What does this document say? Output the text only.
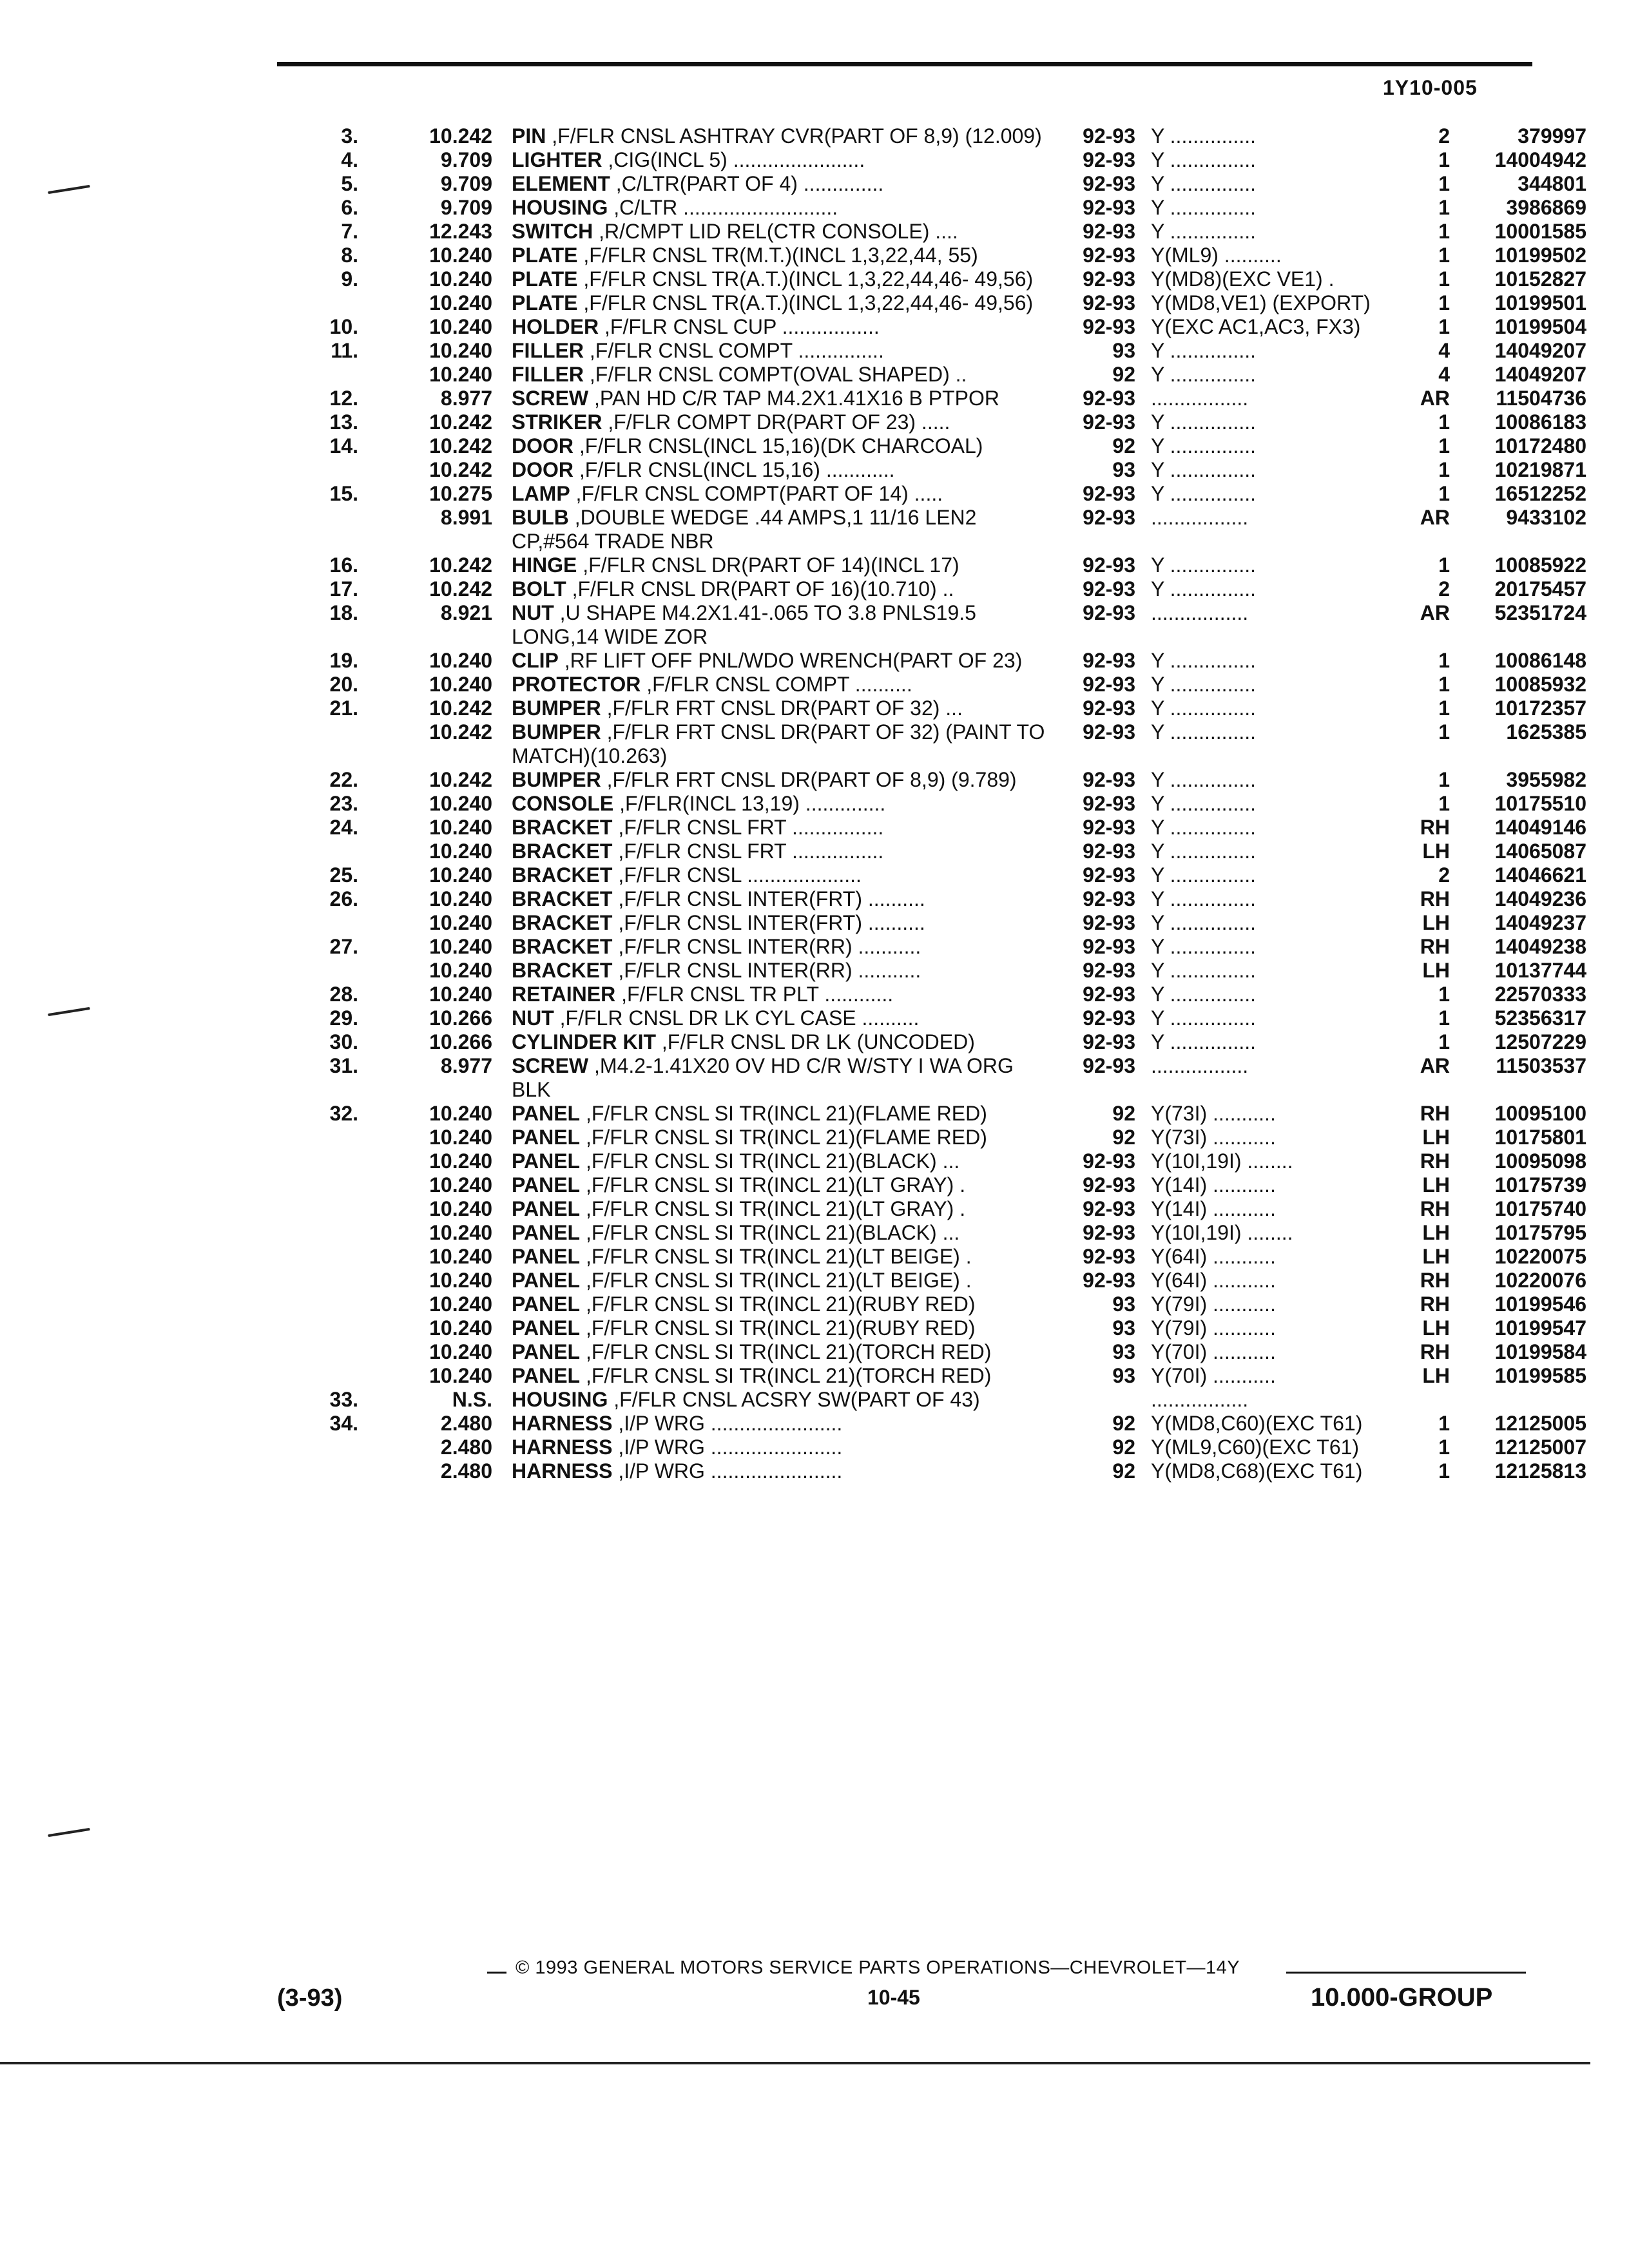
1Y10-005
3.	10.242	PIN ,F/FLR CNSL ASHTRAY CVR(PART OF 8,9) (12.009)	92-93	Y ...............	2	379997
4.	9.709	LIGHTER ,CIG(INCL 5) .......................	92-93	Y ...............	1	14004942
5.	9.709	ELEMENT ,C/LTR(PART OF 4) ..............	92-93	Y ...............	1	344801
6.	9.709	HOUSING ,C/LTR ...........................	92-93	Y ...............	1	3986869
7.	12.243	SWITCH ,R/CMPT LID REL(CTR CONSOLE) ....	92-93	Y ...............	1	10001585
8.	10.240	PLATE ,F/FLR CNSL TR(M.T.)(INCL 1,3,22,44, 55)	92-93	Y(ML9) ..........	1	10199502
9.	10.240	PLATE ,F/FLR CNSL TR(A.T.)(INCL 1,3,22,44,46- 49,56)	92-93	Y(MD8)(EXC VE1) .	1	10152827
	10.240	PLATE ,F/FLR CNSL TR(A.T.)(INCL 1,3,22,44,46- 49,56)	92-93	Y(MD8,VE1) (EXPORT)	1	10199501
10.	10.240	HOLDER ,F/FLR CNSL CUP .................	92-93	Y(EXC AC1,AC3, FX3)	1	10199504
11.	10.240	FILLER ,F/FLR CNSL COMPT ...............	93	Y ...............	4	14049207
	10.240	FILLER ,F/FLR CNSL COMPT(OVAL SHAPED) ..	92	Y ...............	4	14049207
12.	8.977	SCREW ,PAN HD C/R TAP M4.2X1.41X16 B PTPOR	92-93	.................	AR	11504736
13.	10.242	STRIKER ,F/FLR COMPT DR(PART OF 23) .....	92-93	Y ...............	1	10086183
14.	10.242	DOOR ,F/FLR CNSL(INCL 15,16)(DK CHARCOAL)	92	Y ...............	1	10172480
	10.242	DOOR ,F/FLR CNSL(INCL 15,16) ............	93	Y ...............	1	10219871
15.	10.275	LAMP ,F/FLR CNSL COMPT(PART OF 14) .....	92-93	Y ...............	1	16512252
	8.991	BULB ,DOUBLE WEDGE .44 AMPS,1 11/16 LEN2 CP,#564 TRADE NBR	92-93	.................	AR	9433102
16.	10.242	HINGE ,F/FLR CNSL DR(PART OF 14)(INCL 17)	92-93	Y ...............	1	10085922
17.	10.242	BOLT ,F/FLR CNSL DR(PART OF 16)(10.710) ..	92-93	Y ...............	2	20175457
18.	8.921	NUT ,U SHAPE M4.2X1.41-.065 TO 3.8 PNLS19.5 LONG,14 WIDE ZOR	92-93	.................	AR	52351724
19.	10.240	CLIP ,RF LIFT OFF PNL/WDO WRENCH(PART OF 23)	92-93	Y ...............	1	10086148
20.	10.240	PROTECTOR ,F/FLR CNSL COMPT ..........	92-93	Y ...............	1	10085932
21.	10.242	BUMPER ,F/FLR FRT CNSL DR(PART OF 32) ...	92-93	Y ...............	1	10172357
	10.242	BUMPER ,F/FLR FRT CNSL DR(PART OF 32) (PAINT TO MATCH)(10.263)	92-93	Y ...............	1	1625385
22.	10.242	BUMPER ,F/FLR FRT CNSL DR(PART OF 8,9) (9.789)	92-93	Y ...............	1	3955982
23.	10.240	CONSOLE ,F/FLR(INCL 13,19) ..............	92-93	Y ...............	1	10175510
24.	10.240	BRACKET ,F/FLR CNSL FRT ................	92-93	Y ...............	RH	14049146
	10.240	BRACKET ,F/FLR CNSL FRT ................	92-93	Y ...............	LH	14065087
25.	10.240	BRACKET ,F/FLR CNSL ....................	92-93	Y ...............	2	14046621
26.	10.240	BRACKET ,F/FLR CNSL INTER(FRT) ..........	92-93	Y ...............	RH	14049236
	10.240	BRACKET ,F/FLR CNSL INTER(FRT) ..........	92-93	Y ...............	LH	14049237
27.	10.240	BRACKET ,F/FLR CNSL INTER(RR) ...........	92-93	Y ...............	RH	14049238
	10.240	BRACKET ,F/FLR CNSL INTER(RR) ...........	92-93	Y ...............	LH	10137744
28.	10.240	RETAINER ,F/FLR CNSL TR PLT ............	92-93	Y ...............	1	22570333
29.	10.266	NUT ,F/FLR CNSL DR LK CYL CASE ..........	92-93	Y ...............	1	52356317
30.	10.266	CYLINDER KIT ,F/FLR CNSL DR LK (UNCODED)	92-93	Y ...............	1	12507229
31.	8.977	SCREW ,M4.2-1.41X20 OV HD C/R W/STY I WA ORG BLK	92-93	.................	AR	11503537
32.	10.240	PANEL ,F/FLR CNSL SI TR(INCL 21)(FLAME RED)	92	Y(73I) ...........	RH	10095100
	10.240	PANEL ,F/FLR CNSL SI TR(INCL 21)(FLAME RED)	92	Y(73I) ...........	LH	10175801
	10.240	PANEL ,F/FLR CNSL SI TR(INCL 21)(BLACK) ...	92-93	Y(10I,19I) ........	RH	10095098
	10.240	PANEL ,F/FLR CNSL SI TR(INCL 21)(LT GRAY) .	92-93	Y(14I) ...........	LH	10175739
	10.240	PANEL ,F/FLR CNSL SI TR(INCL 21)(LT GRAY) .	92-93	Y(14I) ...........	RH	10175740
	10.240	PANEL ,F/FLR CNSL SI TR(INCL 21)(BLACK) ...	92-93	Y(10I,19I) ........	LH	10175795
	10.240	PANEL ,F/FLR CNSL SI TR(INCL 21)(LT BEIGE) .	92-93	Y(64I) ...........	LH	10220075
	10.240	PANEL ,F/FLR CNSL SI TR(INCL 21)(LT BEIGE) .	92-93	Y(64I) ...........	RH	10220076
	10.240	PANEL ,F/FLR CNSL SI TR(INCL 21)(RUBY RED)	93	Y(79I) ...........	RH	10199546
	10.240	PANEL ,F/FLR CNSL SI TR(INCL 21)(RUBY RED)	93	Y(79I) ...........	LH	10199547
	10.240	PANEL ,F/FLR CNSL SI TR(INCL 21)(TORCH RED)	93	Y(70I) ...........	RH	10199584
	10.240	PANEL ,F/FLR CNSL SI TR(INCL 21)(TORCH RED)	93	Y(70I) ...........	LH	10199585
33.	N.S.	HOUSING ,F/FLR CNSL ACSRY SW(PART OF 43)		.................		
34.	2.480	HARNESS ,I/P WRG .......................	92	Y(MD8,C60)(EXC T61)	1	12125005
	2.480	HARNESS ,I/P WRG .......................	92	Y(ML9,C60)(EXC T61)	1	12125007
	2.480	HARNESS ,I/P WRG .......................	92	Y(MD8,C68)(EXC T61)	1	12125813
© 1993 GENERAL MOTORS SERVICE PARTS OPERATIONS—CHEVROLET—14Y
(3-93)	10-45	10.000-GROUP
